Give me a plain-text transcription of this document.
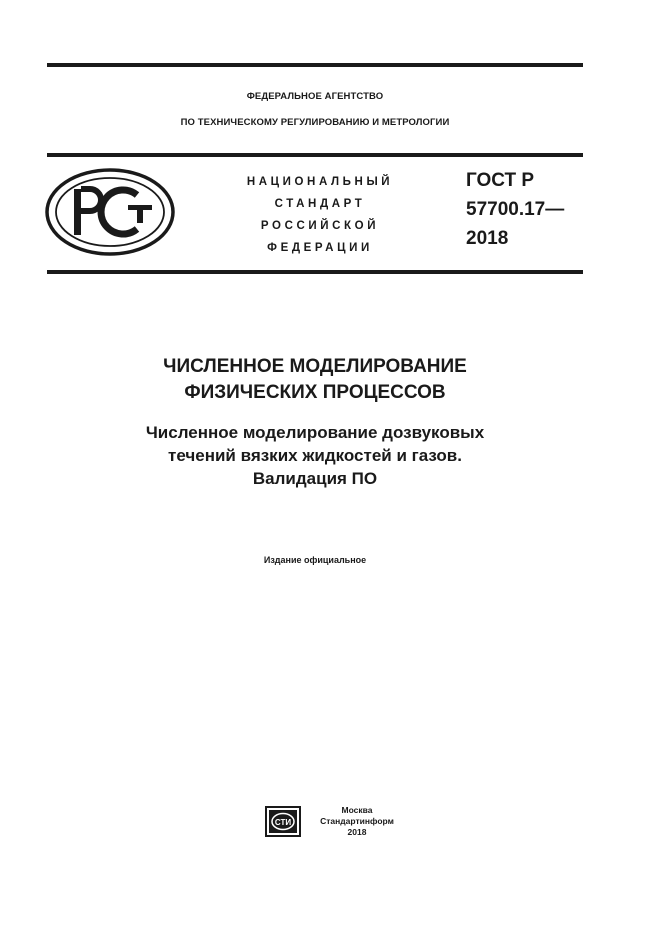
ФЕДЕРАЛЬНОЕ АГЕНТСТВО
ПО ТЕХНИЧЕСКОМУ РЕГУЛИРОВАНИЮ И МЕТРОЛОГИИ
НАЦИОНАЛЬНЫЙ
СТАНДАРТ
РОССИЙСКОЙ
ФЕДЕРАЦИИ
ГОСТ Р
57700.17—
2018
ЧИСЛЕННОЕ МОДЕЛИРОВАНИЕ
ФИЗИЧЕСКИХ ПРОЦЕССОВ
Численное моделирование дозвуковых
течений вязких жидкостей и газов.
Валидация ПО
Издание официальное
СТИ
Москва
Стандартинформ
2018
